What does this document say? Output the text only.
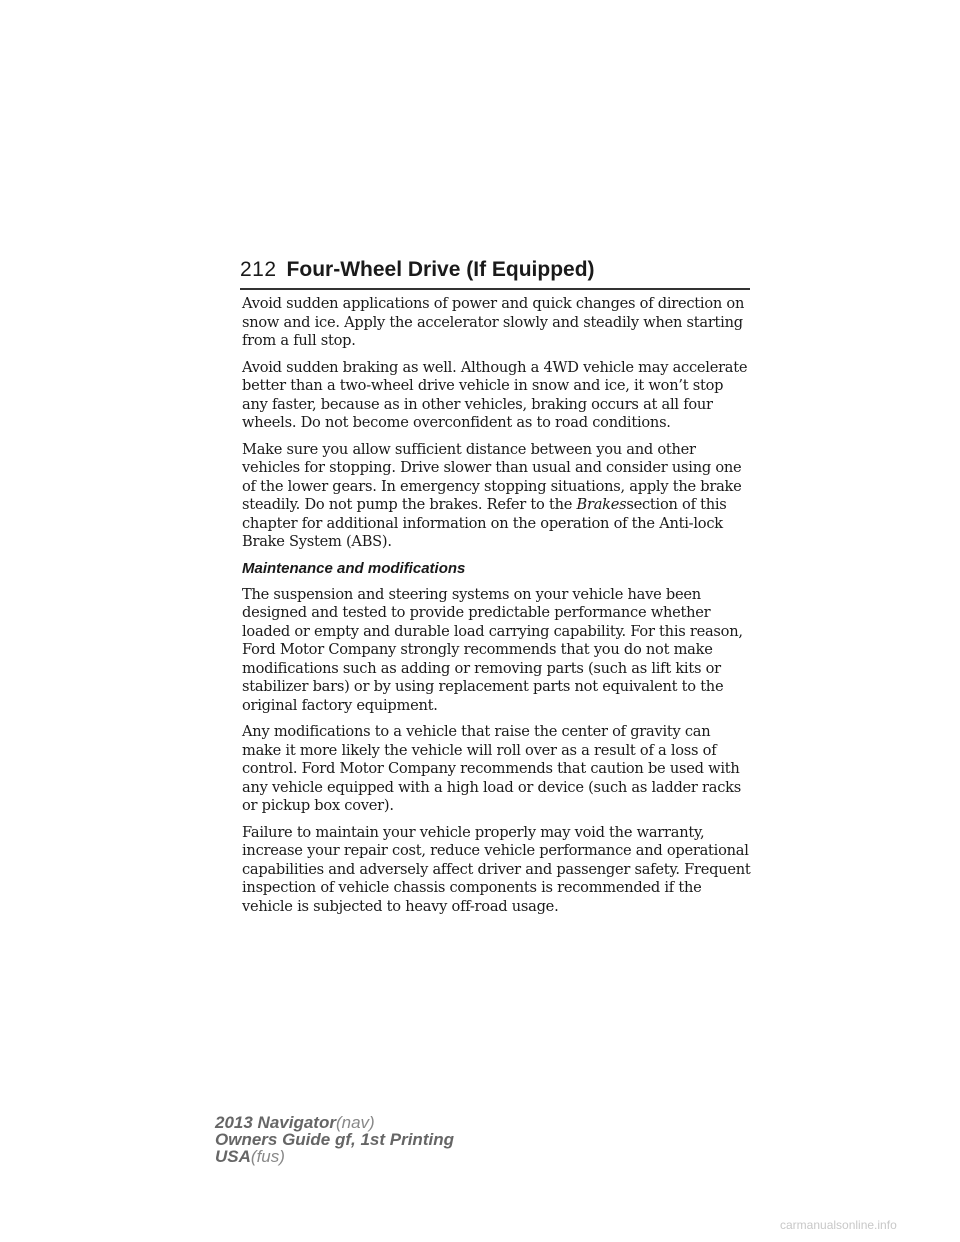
212 Four-Wheel Drive (If Equipped)

Avoid sudden applications of power and quick changes of direction on snow and ice. Apply the accelerator slowly and steadily when starting from a full stop.

Avoid sudden braking as well. Although a 4WD vehicle may accelerate better than a two-wheel drive vehicle in snow and ice, it won’t stop any faster, because as in other vehicles, braking occurs at all four wheels. Do not become overconfident as to road conditions.

Make sure you allow sufficient distance between you and other vehicles for stopping. Drive slower than usual and consider using one of the lower gears. In emergency stopping situations, apply the brake steadily. Do not pump the brakes. Refer to the Brakessection of this chapter for additional information on the operation of the Anti-lock Brake System (ABS).

Maintenance and modifications

The suspension and steering systems on your vehicle have been designed and tested to provide predictable performance whether loaded or empty and durable load carrying capability. For this reason, Ford Motor Company strongly recommends that you do not make modifications such as adding or removing parts (such as lift kits or stabilizer bars) or by using replacement parts not equivalent to the original factory equipment.

Any modifications to a vehicle that raise the center of gravity can make it more likely the vehicle will roll over as a result of a loss of control. Ford Motor Company recommends that caution be used with any vehicle equipped with a high load or device (such as ladder racks or pickup box cover).

Failure to maintain your vehicle properly may void the warranty, increase your repair cost, reduce vehicle performance and operational capabilities and adversely affect driver and passenger safety. Frequent inspection of vehicle chassis components is recommended if the vehicle is subjected to heavy off-road usage.

2013 Navigator(nav)
Owners Guide gf, 1st Printing
USA(fus)
carmanualsonline.info
